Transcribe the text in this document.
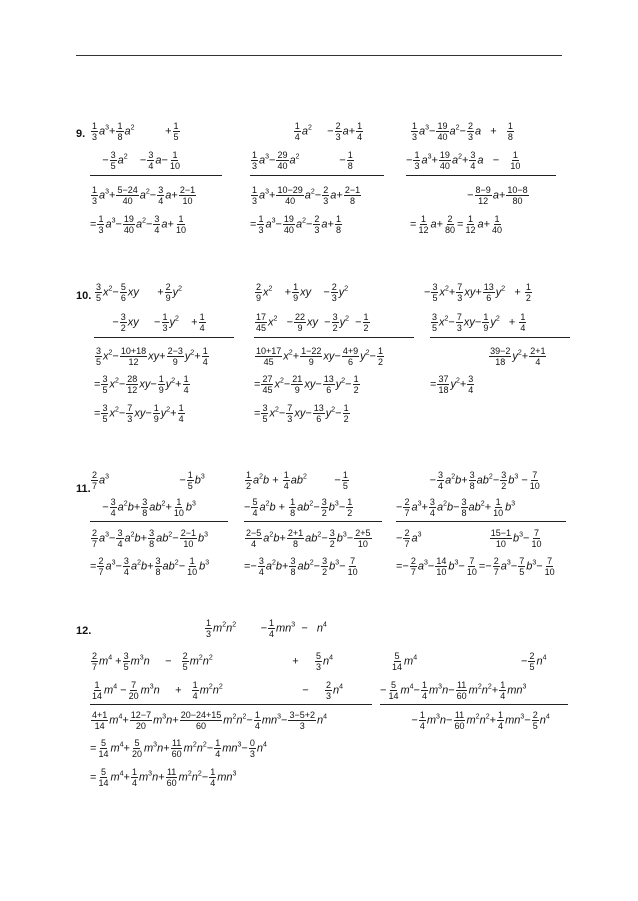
9. $\frac{1}{3} a^3+ \frac{1}{8} a^2$          + $\frac{1}{5}$
− $\frac{3}{5} a^2$    − $\frac{3}{4} a- \frac{1}{10}$
$\frac{1}{3} a^3+ \frac{5-24}{40} a^2- \frac{3}{4} a+ \frac{2-1}{10}$
= $\frac{1}{3} a^3- \frac{19}{40} a^2- \frac{3}{4} a+ \frac{1}{10}$

$\frac{1}{4} a^2$     − $\frac{2}{3} a+ \frac{1}{4}$
$\frac{1}{3} a^3- \frac{29}{40} a^2$             − $\frac{1}{8}$
$\frac{1}{3} a^3+ \frac{10-29}{40} a^2- \frac{2}{3} a+ \frac{2-1}{8}$
= $\frac{1}{3} a^3- \frac{19}{40} a^2- \frac{2}{3} a+ \frac{1}{8}$
$\frac{1}{3} a^3- \frac{19}{40} a^2- \frac{2}{3}$ $a + \frac{1}{8}$
− $\frac{1}{3} a^3+ \frac{19}{40} a^2+ \frac{3}{4}$ $a - \frac{1}{10}$
− $\frac{8-9}{12} a+ \frac{10-8}{80}$
= $\frac{1}{12} a+ \frac{2}{80} = \frac{1}{12} a+ \frac{1}{40}$
10. $\frac{3}{5} x^2- \frac{5}{6}$ xy      + $\frac{2}{9} y^2$
− $\frac{3}{2}$ xy     − $\frac{1}{3} y^2$    + $\frac{1}{4}$
$\frac{3}{5} x^2- \frac{10+18}{12} xy+ \frac{2-3}{9} y^2+ \frac{1}{4}$
= $\frac{3}{5} x^2- \frac{28}{12} xy- \frac{1}{9} y^2+ \frac{1}{4}$
= $\frac{3}{5} x^2- \frac{7}{3} xy- \frac{1}{9} y^2+ \frac{1}{4}$
$\frac{2}{9} x^2$    + $\frac{1}{9}$ xy    − $\frac{2}{3} y^2$
$\frac{17}{45} x^2 - \frac{22}{9}$ xy  − $\frac{3}{2} y^2 - \frac{1}{2}$
$\frac{10+17}{45} x^2+ \frac{1-22}{9} xy- \frac{4+9}{6} y^2- \frac{1}{2}$
= $\frac{27}{45} x^2- \frac{21}{9} xy- \frac{13}{6} y^2- \frac{1}{2}$
= $\frac{3}{5} x^2- \frac{7}{3} xy- \frac{13}{6} y^2- \frac{1}{2}$
− $\frac{3}{5} x^2+ \frac{7}{3} xy+ \frac{13}{6} y^2 + \frac{1}{2}$
$\frac{3}{5} x^2- \frac{7}{3} xy- \frac{1}{9} y^2 + \frac{1}{4}$

$\frac{39-2}{18} y^2+ \frac{2+1}{4}$
= $\frac{37}{18} y^2+ \frac{3}{4}$
11. $\frac{2}{7} a^3$                       − $\frac{1}{5} b^3$
− $\frac{3}{4} a^2b+ \frac{3}{8} ab^2+ \frac{1}{10} b^3$
$\frac{2}{7} a^3- \frac{3}{4} a^2b+ \frac{3}{8} ab^2- \frac{2-1}{10} b^3$
= $\frac{2}{7} a^3- \frac{3}{4} a^2b+ \frac{3}{8} ab^2- \frac{1}{10} b^3$
$\frac{1}{2} a^2b + \frac{1}{4} ab^2$         − $\frac{1}{5}$
− $\frac{5}{4} a^2b + \frac{1}{8} ab^2- \frac{3}{2} b^3- \frac{1}{2}$
$\frac{2-5}{4} a^2b+ \frac{2+1}{8} ab^2- \frac{3}{2} b^3- \frac{2+5}{10}$
=− $\frac{3}{4} a^2b+ \frac{3}{8} ab^2- \frac{3}{2} b^3- \frac{7}{10}$
− $\frac{3}{4} a^2b+ \frac{3}{8} ab^2- \frac{3}{2} b^3 - \frac{7}{10}$
− $\frac{2}{7} a^3+ \frac{3}{4} a^2b- \frac{3}{8} ab^2+ \frac{1}{10} b^3$
− $\frac{2}{7} a^3$	$\frac{15-1}{10} b^3- \frac{7}{10}$
=− $\frac{2}{7} a^3- \frac{14}{10} b^3- \frac{7}{10} =- \frac{2}{7} a^3- \frac{7}{5} b^3- \frac{7}{10}$
12.	$\frac{1}{3} m^2n^2$        − $\frac{1}{4} mn^3 - n^4$
$\frac{2}{7} m^4 + \frac{3}{5} m^3n$     − $\frac{2}{5} m^2n^2$                          + $\frac{5}{3} n^4$
$\frac{1}{14} m^4 - \frac{7}{20} m^3n$     + $\frac{1}{4} m^2n^2$                          − $\frac{2}{3} n^4$
$\frac{4+1}{14} m^4+ \frac{12-7}{20} m^3n+ \frac{20-24+15}{60} m^2n^2- \frac{1}{4} mn^3- \frac{3-5+2}{3} n^4$
= $\frac{5}{14} m^4+ \frac{5}{20} m^3n+ \frac{11}{60} m^2n^2- \frac{1}{4} mn^3- \frac{0}{3} n^4$
= $\frac{5}{14} m^4+ \frac{1}{4} m^3n+ \frac{11}{60} m^2n^2- \frac{1}{4} mn^3$
$\frac{5}{14} m^4$                                  − $\frac{2}{5} n^4$
− $\frac{5}{14} m^4- \frac{1}{4} m^3n- \frac{11}{60} m^2n^2+ \frac{1}{4} mn^3$
− $\frac{1}{4} m^3n- \frac{11}{60} m^2n^2+ \frac{1}{4} mn^3- \frac{2}{5} n^4$
